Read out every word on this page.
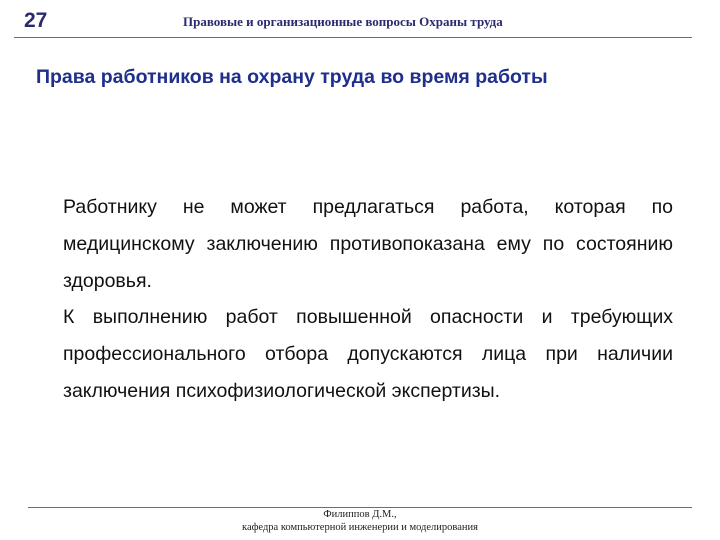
27	Правовые и организационные вопросы Охраны труда
Права работников на охрану труда во время работы

Работнику не может предлагаться работа, которая по медицинскому заключению противопоказана ему по состоянию здоровья.

К выполнению работ повышенной опасности и требующих профессионального отбора допускаются лица при наличии заключения психофизиологической экспертизы.

Филиппов Д.М.,
кафедра компьютерной инженерии и моделирования
